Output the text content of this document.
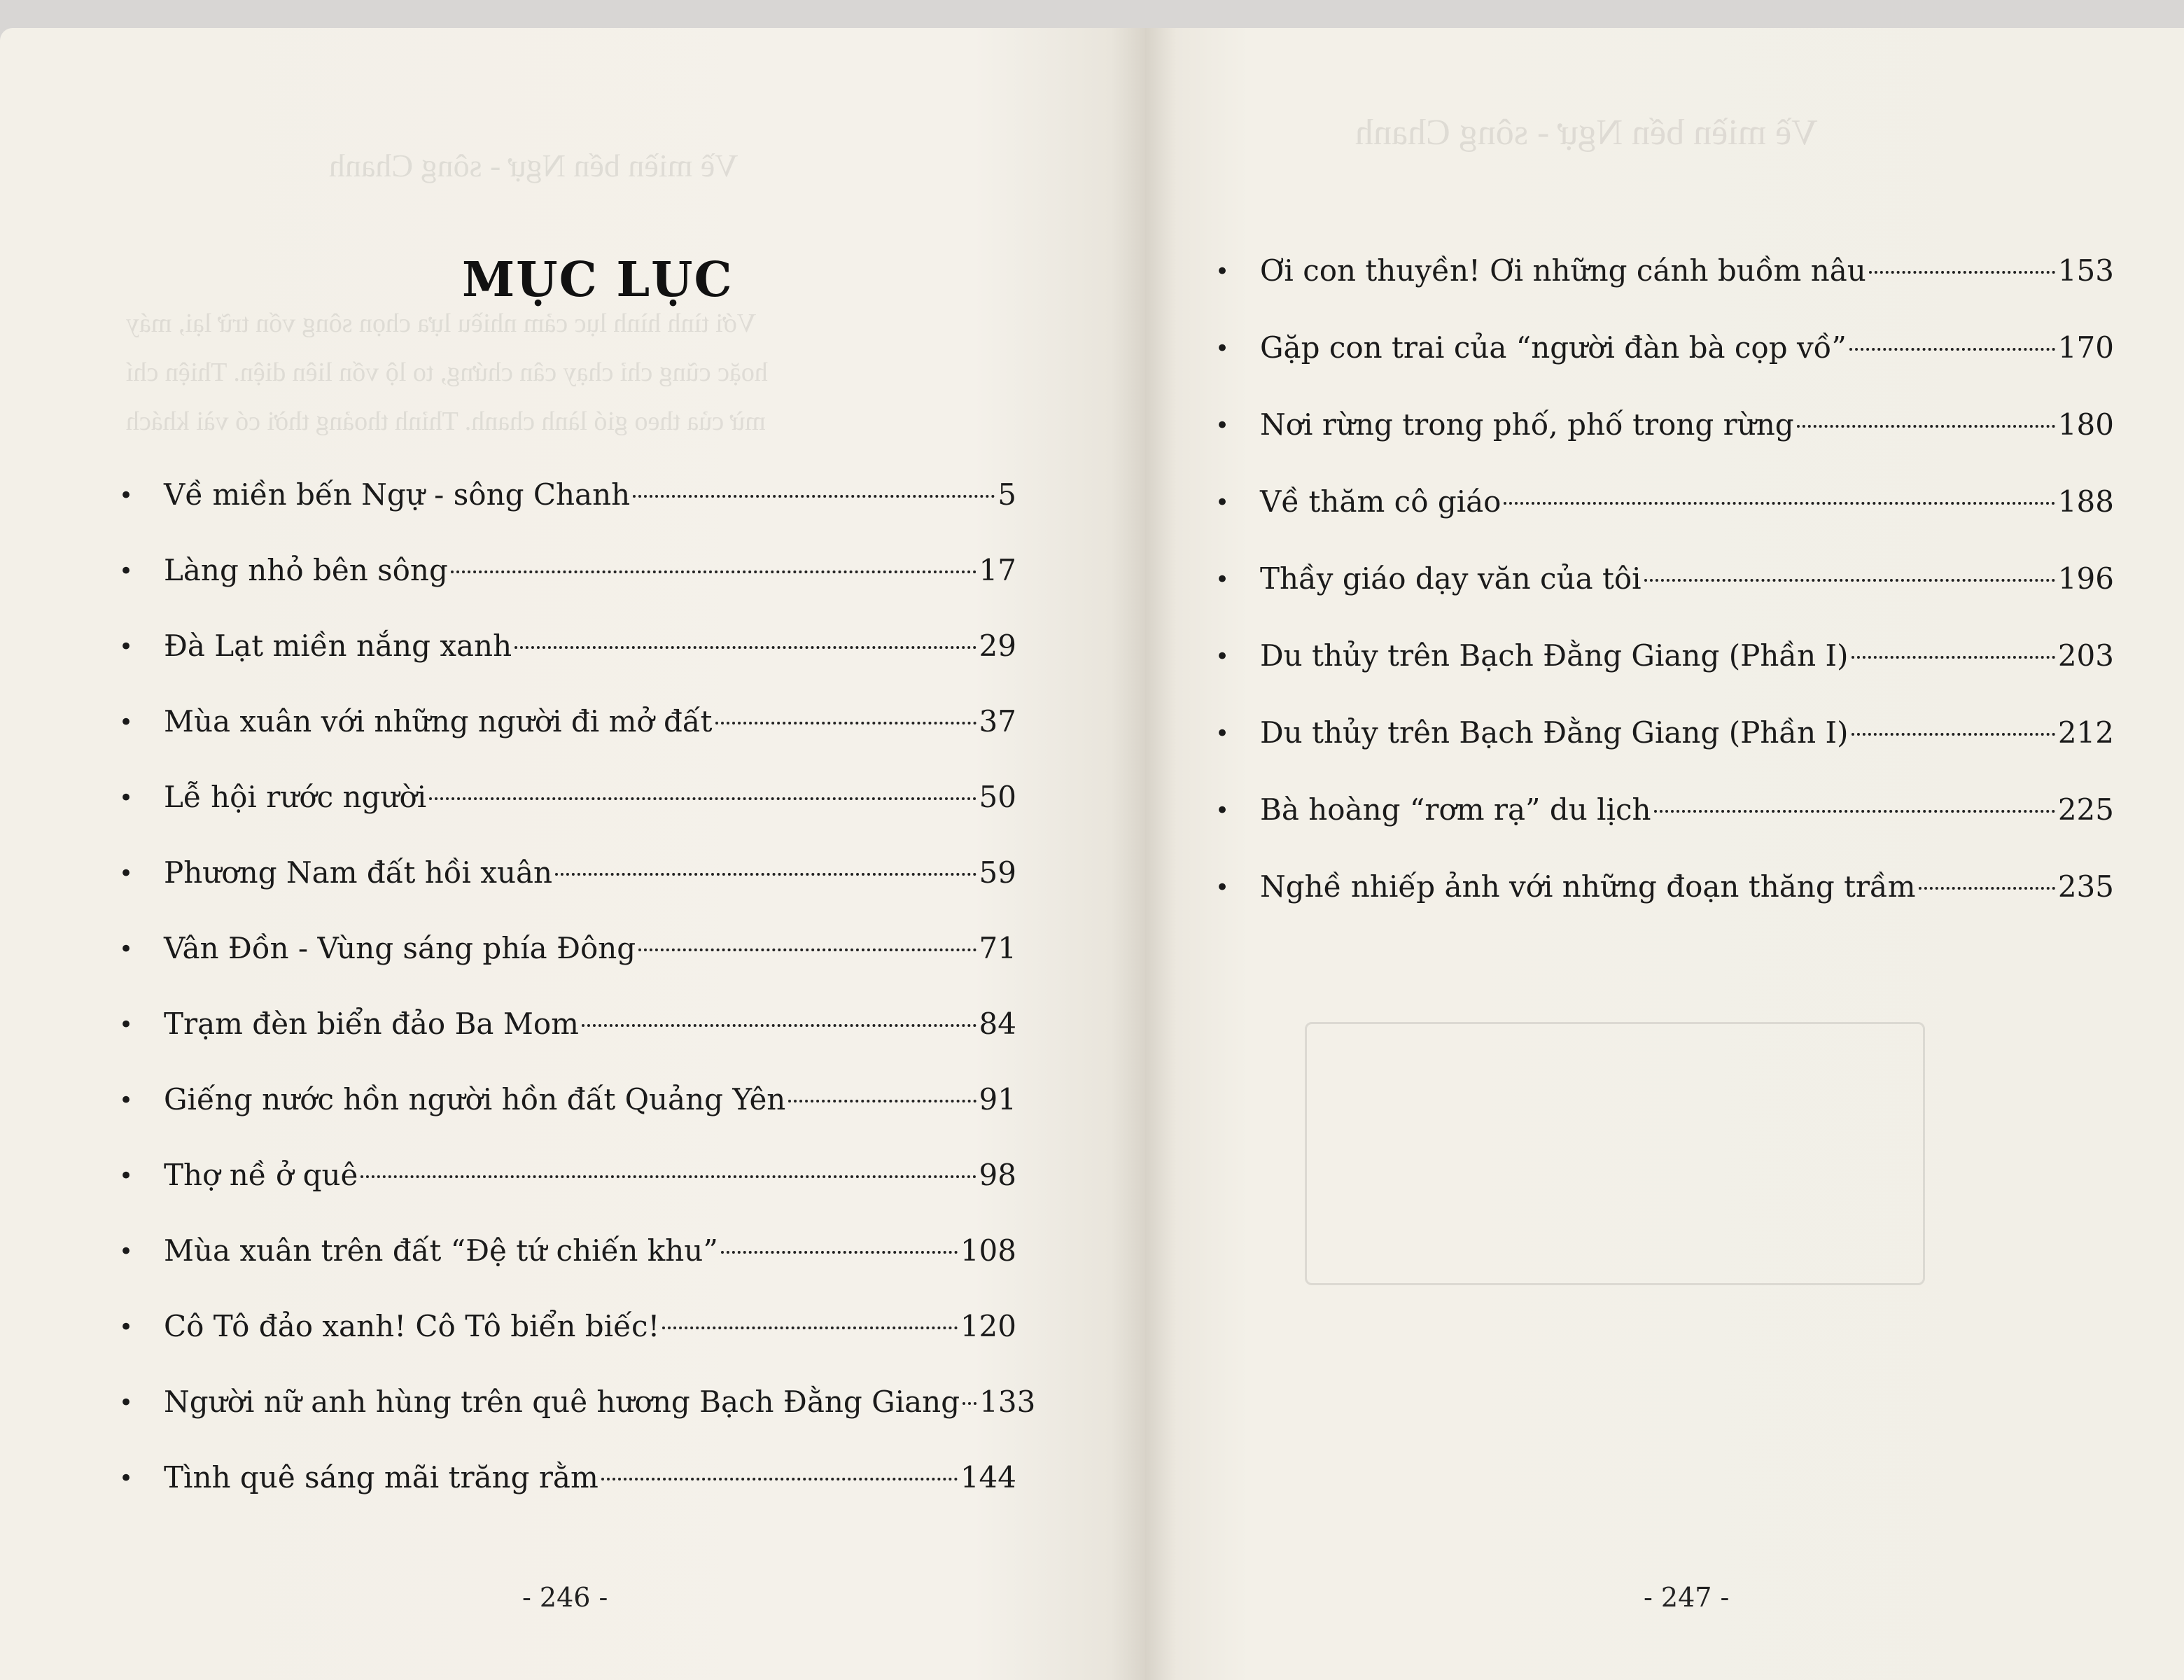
Về miền bến Ngự - sông Chanh
Với tình hình lục cảm nhiều lựa chọn sông vốn trữ lại, máy
hoặc cũng chỉ chạy cân chứng, to lộ vốn liên diện. Thiện chí
mừ của theo gió lành chanh. Thỉnh thoảng thời có vài khách
MỤC LỤC
•	Về miền bến Ngự - sông Chanh	5
•	Làng nhỏ bên sông	17
•	Đà Lạt miền nắng xanh	29
•	Mùa xuân với những người đi mở đất	37
•	Lễ hội rước người	50
•	Phương Nam đất hồi xuân	59
•	Vân Đồn - Vùng sáng phía Đông	71
•	Trạm đèn biển đảo Ba Mom	84
•	Giếng nước hồn người hồn đất Quảng Yên	91
•	Thợ nề ở quê	98
•	Mùa xuân trên đất “Đệ tứ chiến khu”	108
•	Cô Tô đảo xanh! Cô Tô biển biếc!	120
•	Người nữ anh hùng trên quê hương Bạch Đằng Giang 133
•	Tình quê sáng mãi trăng rằm	144
- 246 -
Về miền bến Ngự - sông Chanh
•	Ơi con thuyền! Ơi những cánh buồm nâu	153
•	Gặp con trai của “người đàn bà cọp vồ”	170
•	Nơi rừng trong phố, phố trong rừng	180
•	Về thăm cô giáo	188
•	Thầy giáo dạy văn của tôi	196
•	Du thủy trên Bạch Đằng Giang (Phần I)	203
•	Du thủy trên Bạch Đằng Giang (Phần I)	212
•	Bà hoàng “rơm rạ” du lịch	225
•	Nghề nhiếp ảnh với những đoạn thăng trầm	235
- 247 -
